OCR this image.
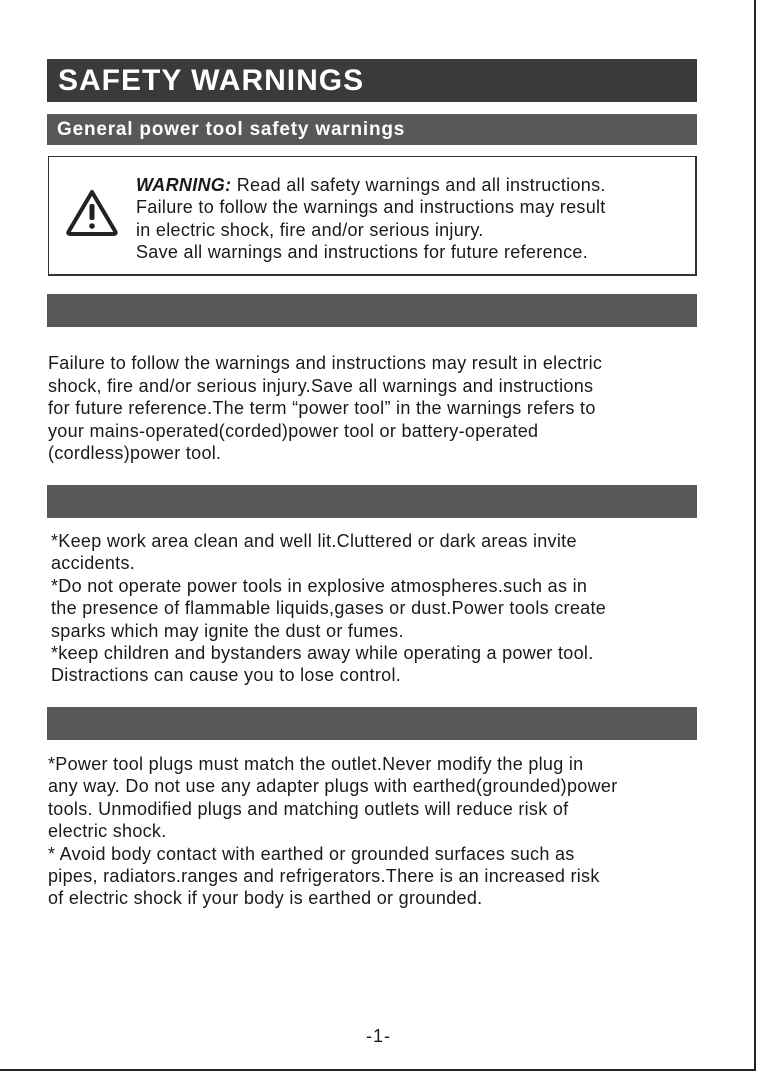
SAFETY WARNINGS
General power tool safety warnings
WARNING: Read all safety warnings and all instructions.
Failure to follow the warnings and instructions may result
in electric shock, fire and/or serious injury.
Save all warnings and instructions for future reference.
Failure to follow the warnings and instructions may result in electric
shock, fire and/or serious injury.Save all warnings and instructions
for future reference.The term “power tool” in the warnings refers to
your mains-operated(corded)power tool or battery-operated
(cordless)power tool.
*Keep work area clean and well lit.Cluttered or dark areas invite
accidents.
*Do not operate power tools in explosive atmospheres.such as in
the presence of flammable liquids,gases or dust.Power tools create
sparks which may ignite the dust or fumes.
*keep children and bystanders away while operating a power tool.
Distractions can cause you to lose control.
*Power tool plugs must match the outlet.Never modify the plug in
any way. Do not use any adapter plugs with earthed(grounded)power
tools. Unmodified plugs and matching outlets will reduce risk of
electric shock.
* Avoid body contact with earthed or grounded surfaces such as
pipes, radiators.ranges and refrigerators.There is an increased risk
of electric shock if your body is earthed or grounded.
-1-
